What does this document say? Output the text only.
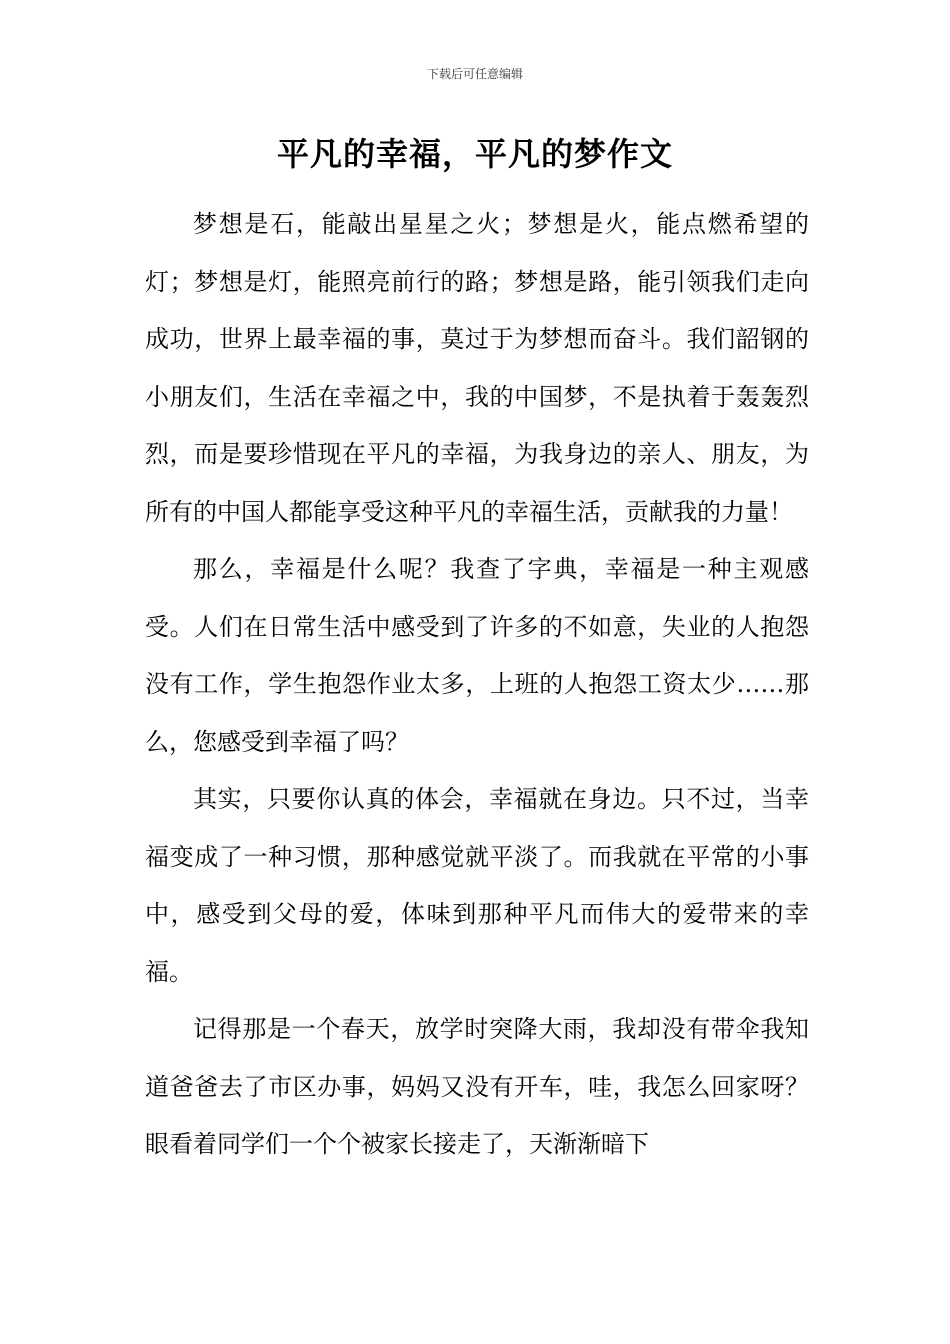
下载后可任意编辑
平凡的幸福，平凡的梦作文

梦想是石，能敲出星星之火；梦想是火，能点燃希望的灯；梦想是灯，能照亮前行的路；梦想是路，能引领我们走向成功，世界上最幸福的事，莫过于为梦想而奋斗。我们韶钢的小朋友们，生活在幸福之中，我的中国梦，不是执着于轰轰烈烈，而是要珍惜现在平凡的幸福，为我身边的亲人、朋友，为所有的中国人都能享受这种平凡的幸福生活，贡献我的力量！

那么，幸福是什么呢？我查了字典，幸福是一种主观感受。人们在日常生活中感受到了许多的不如意，失业的人抱怨没有工作，学生抱怨作业太多，上班的人抱怨工资太少……那么，您感受到幸福了吗？

其实，只要你认真的体会，幸福就在身边。只不过，当幸福变成了一种习惯，那种感觉就平淡了。而我就在平常的小事中，感受到父母的爱，体味到那种平凡而伟大的爱带来的幸福。

记得那是一个春天，放学时突降大雨，我却没有带伞我知道爸爸去了市区办事，妈妈又没有开车，哇，我怎么回家呀？眼看着同学们一个个被家长接走了，天渐渐暗下
